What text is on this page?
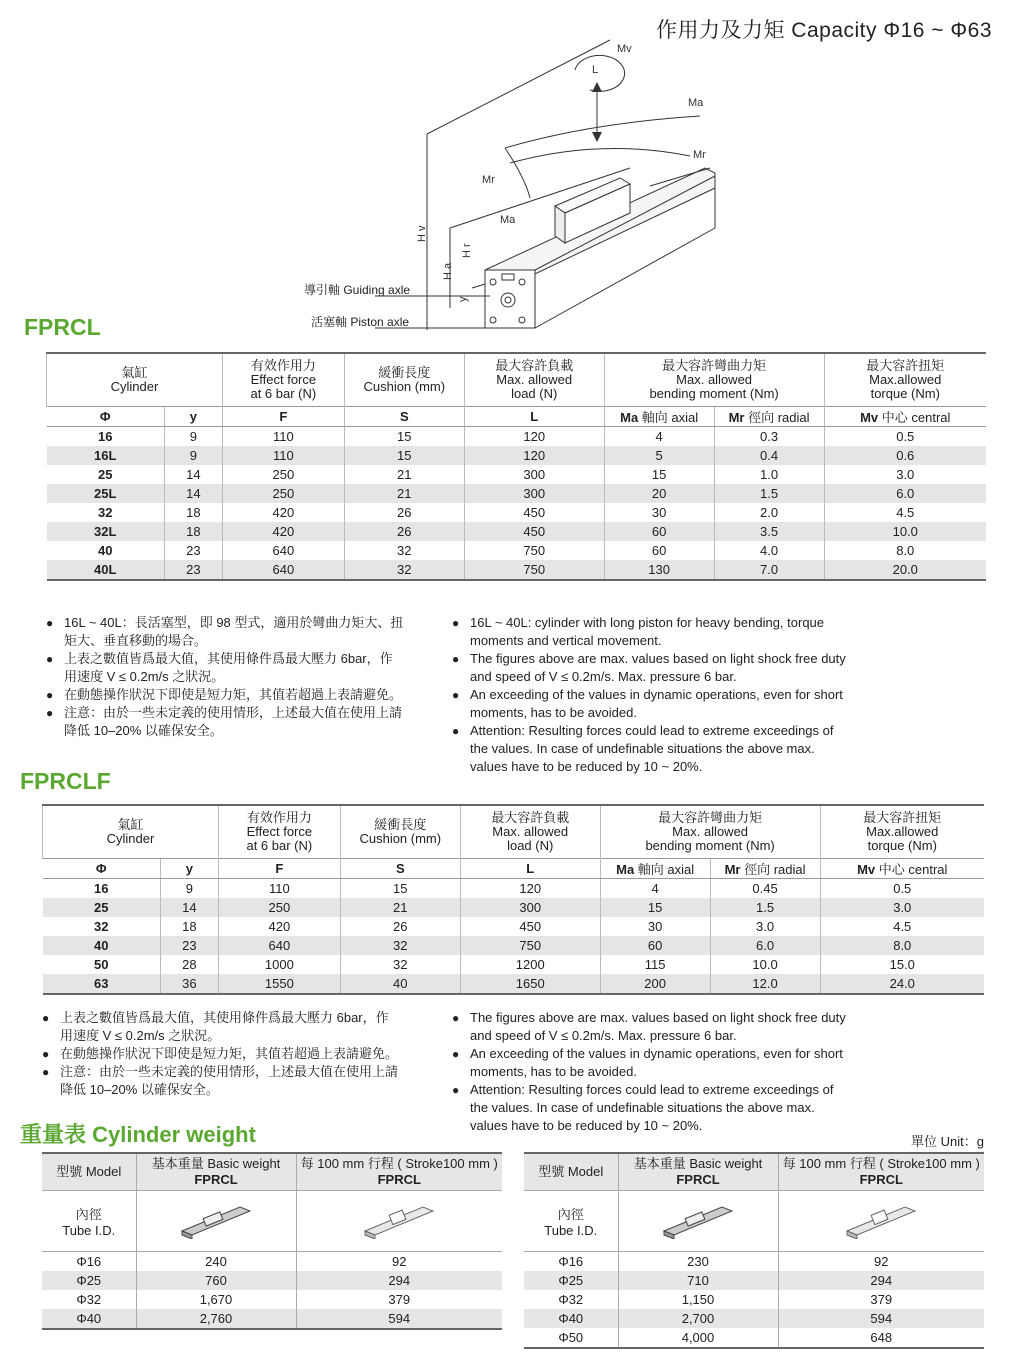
作用力及力矩 Capacity Φ16 ~ Φ63
Mv
L
Ma
Mr
Mr
Ma
H v
H r
H a
y
導引軸 Guiding axle
活塞軸 Piston axle
FPRCL
氣缸
Cylinder		有效作用力
Effect force
at 6 bar (N)	緩衝長度
Cushion (mm)	最大容許負載
Max. allowed
load (N)	最大容許彎曲力矩
Max. allowed
bending moment (Nm)		最大容許扭矩
Max.allowed
torque (Nm)
Φ	y	F	S	L	Ma 軸向 axial	Mr 徑向 radial	Mv 中心 central
16	9	110	15	120	4	0.3	0.5
16L	9	110	15	120	5	0.4	0.6
25	14	250	21	300	15	1.0	3.0
25L	14	250	21	300	20	1.5	6.0
32	18	420	26	450	30	2.0	4.5
32L	18	420	26	450	60	3.5	10.0
40	23	640	32	750	60	4.0	8.0
40L	23	640	32	750	130	7.0	20.0
● 16L ~ 40L：長活塞型，即 98 型式，適用於彎曲力矩大、扭
矩大、垂直移動的場合。
● 上表之數值皆爲最大值，其使用條件爲最大壓力 6bar，作
用速度 V ≤ 0.2m/s 之狀況。
● 在動態操作狀況下即使是短力矩，其值若超過上表請避免。
● 注意：由於一些未定義的使用情形，上述最大值在使用上請
降低 10–20% 以確保安全。
● 16L ~ 40L: cylinder with long piston for heavy bending, torque
moments and vertical movement.
● The figures above are max. values based on light shock free duty
and speed of V ≤ 0.2m/s. Max. pressure 6 bar.
● An exceeding of the values in dynamic operations, even for short
moments, has to be avoided.
● Attention: Resulting forces could lead to extreme exceedings of
the values. In case of undefinable situations the above max.
values have to be reduced by 10 ~ 20%.
FPRCLF
氣缸
Cylinder		有效作用力
Effect force
at 6 bar (N)	緩衝長度
Cushion (mm)	最大容許負載
Max. allowed
load (N)	最大容許彎曲力矩
Max. allowed
bending moment (Nm)		最大容許扭矩
Max.allowed
torque (Nm)
Φ	y	F	S	L	Ma 軸向 axial	Mr 徑向 radial	Mv 中心 central
16	9	110	15	120	4	0.45	0.5
25	14	250	21	300	15	1.5	3.0
32	18	420	26	450	30	3.0	4.5
40	23	640	32	750	60	6.0	8.0
50	28	1000	32	1200	115	10.0	15.0
63	36	1550	40	1650	200	12.0	24.0
● 上表之數值皆爲最大值，其使用條件爲最大壓力 6bar，作
用速度 V ≤ 0.2m/s 之狀況。
● 在動態操作狀況下即使是短力矩，其值若超過上表請避免。
● 注意：由於一些未定義的使用情形，上述最大值在使用上請
降低 10–20% 以確保安全。
● The figures above are max. values based on light shock free duty
and speed of V ≤ 0.2m/s. Max. pressure 6 bar.
● An exceeding of the values in dynamic operations, even for short
moments, has to be avoided.
● Attention: Resulting forces could lead to extreme exceedings of
the values. In case of undefinable situations the above max.
values have to be reduced by 10 ~ 20%.
重量表 Cylinder weight	單位 Unit：g
型號 Model	基本重量 Basic weight
FPRCL	每 100 mm 行程 ( Stroke100 mm )
FPRCL
內徑
Tube I.D.		
Φ16	240	92
Φ25	760	294
Φ32	1,670	379
Φ40	2,760	594
型號 Model	基本重量 Basic weight
FPRCL	每 100 mm 行程 ( Stroke100 mm )
FPRCL
內徑
Tube I.D.		
Φ16	230	92
Φ25	710	294
Φ32	1,150	379
Φ40	2,700	594
Φ50	4,000	648
